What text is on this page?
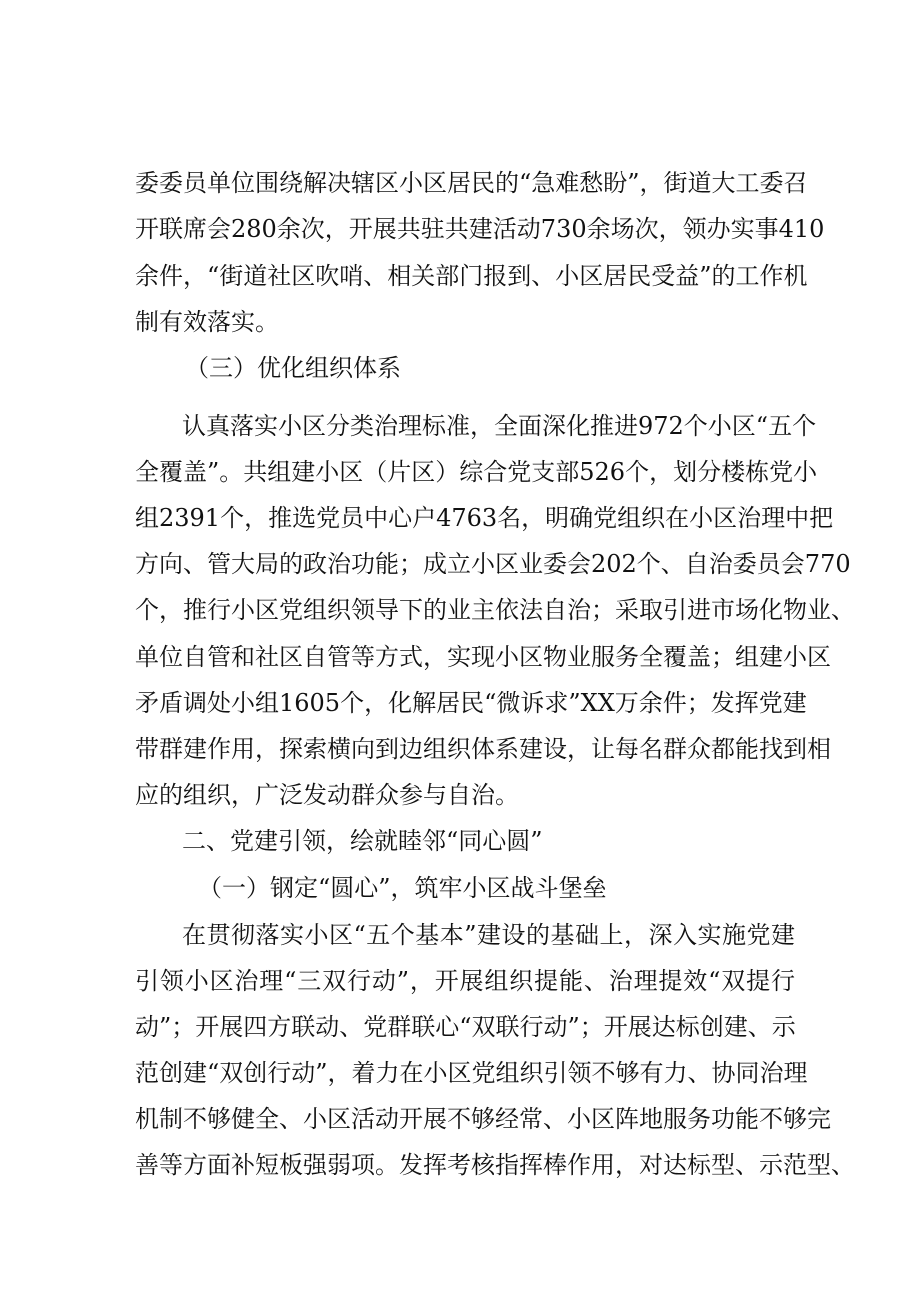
委委员单位围绕解决辖区小区居民的“急难愁盼”，街道大工委召
开联席会280余次，开展共驻共建活动730余场次，领办实事410
余件，“街道社区吹哨、相关部门报到、小区居民受益”的工作机
制有效落实。
（三）优化组织体系
认真落实小区分类治理标准，全面深化推进972个小区“五个
全覆盖”。共组建小区（片区）综合党支部526个，划分楼栋党小
组2391个，推选党员中心户4763名，明确党组织在小区治理中把
方向、管大局的政治功能；成立小区业委会202个、自治委员会770
个，推行小区党组织领导下的业主依法自治；采取引进市场化物业、
单位自管和社区自管等方式，实现小区物业服务全覆盖；组建小区
矛盾调处小组1605个，化解居民“微诉求”XX万余件；发挥党建
带群建作用，探索横向到边组织体系建设，让每名群众都能找到相
应的组织，广泛发动群众参与自治。
二、党建引领，绘就睦邻“同心圆”
（一）钢定“圆心”，筑牢小区战斗堡垒
在贯彻落实小区“五个基本”建设的基础上，深入实施党建
引领小区治理“三双行动”，开展组织提能、治理提效“双提行
动”；开展四方联动、党群联心“双联行动”；开展达标创建、示
范创建“双创行动”，着力在小区党组织引领不够有力、协同治理
机制不够健全、小区活动开展不够经常、小区阵地服务功能不够完
善等方面补短板强弱项。发挥考核指挥棒作用，对达标型、示范型、
